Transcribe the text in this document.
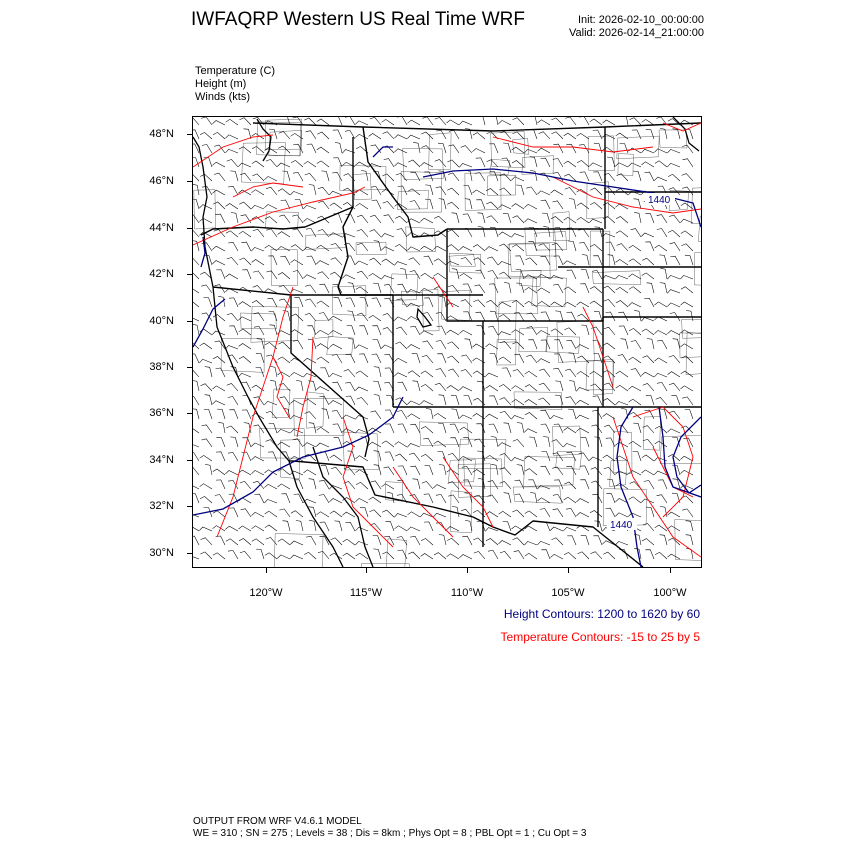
IWFAQRP Western US Real Time WRF	Init: 2026-02-10_00:00:00
Valid: 2026-02-14_21:00:00
Temperature (C)
Height (m)
Winds (kts)
1440
1440
48°N
46°N
44°N
42°N
40°N
38°N
36°N
34°N
32°N
30°N
120°W	115°W	110°W	105°W	100°W
Height Contours: 1200 to 1620 by 60
Temperature Contours: -15 to 25 by 5
OUTPUT FROM WRF V4.6.1 MODEL
WE = 310 ; SN = 275 ; Levels = 38 ; Dis = 8km ; Phys Opt = 8 ; PBL Opt = 1 ; Cu Opt = 3
